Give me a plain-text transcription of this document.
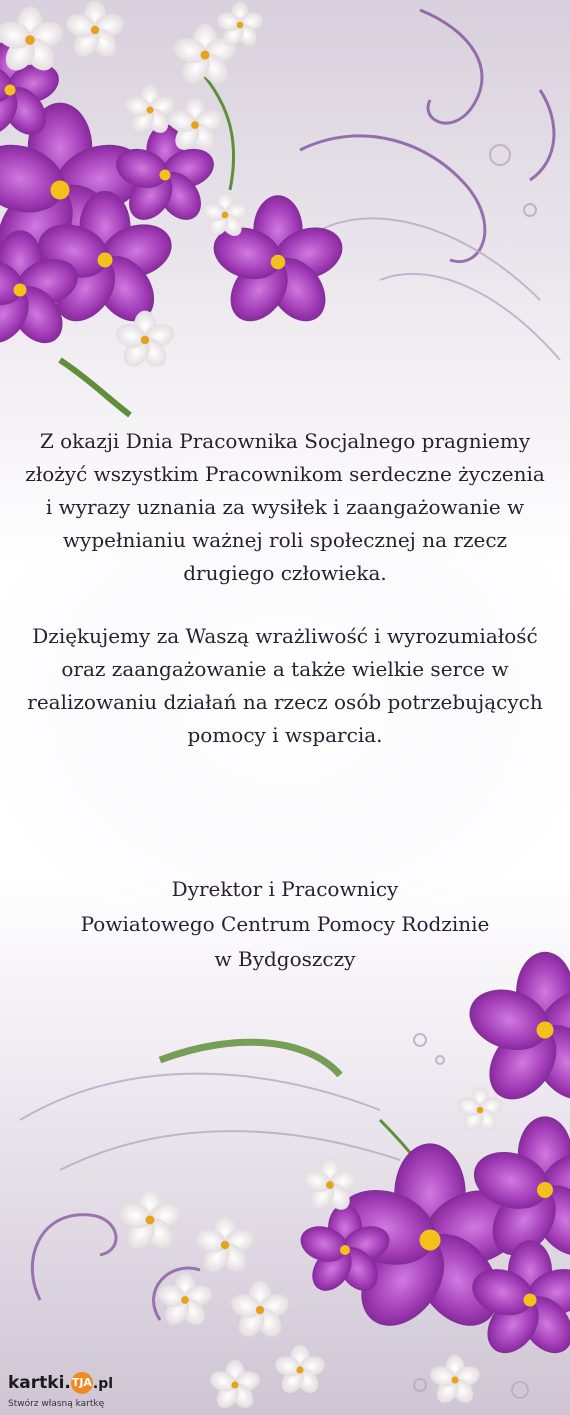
Z okazji Dnia Pracownika Socjalnego pragniemy złożyć wszystkim Pracownikom serdeczne życzenia i wyrazy uznania za wysiłek i zaangażowanie w wypełnianiu ważnej roli społecznej na rzecz drugiego człowieka.

Dziękujemy za Waszą wrażliwość i wyrozumiałość oraz zaangażowanie a także wielkie serce w realizowaniu działań na rzecz osób potrzebujących pomocy i wsparcia.

Dyrektor i Pracownicy
Powiatowego Centrum Pomocy Rodzinie
w Bydgoszczy
kartki.TJA.pl
Stwórz własną kartkę
